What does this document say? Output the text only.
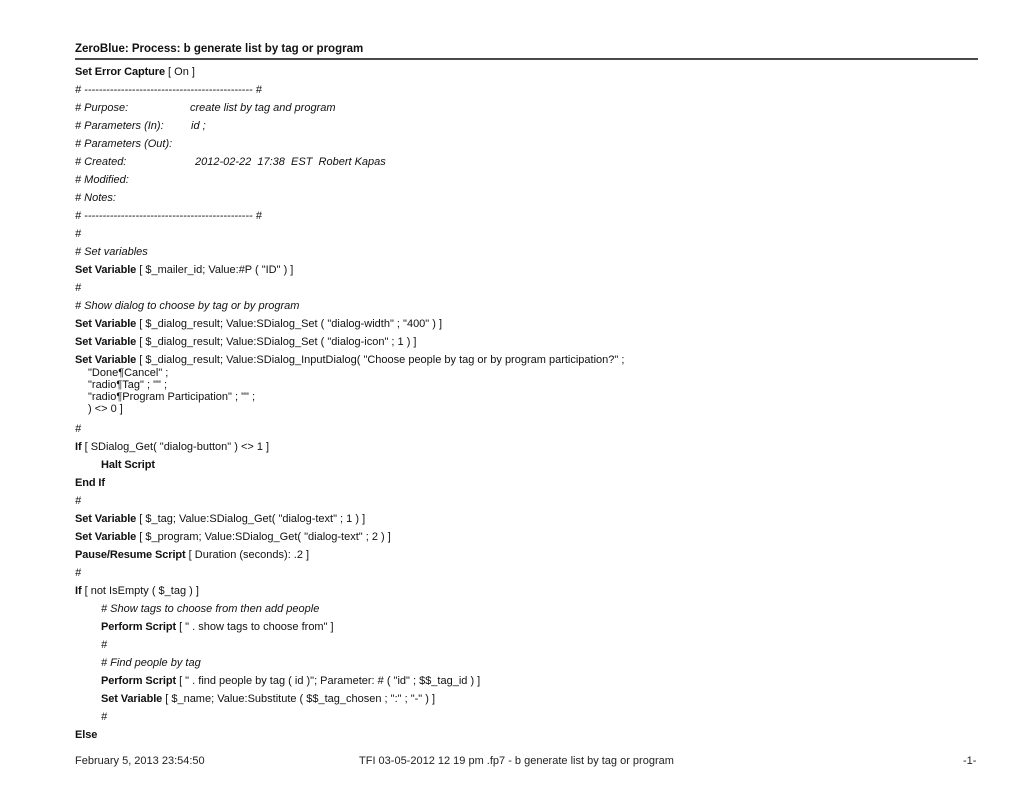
ZeroBlue: Process: b generate list by tag or program
Set Error Capture [ On ]
# ---------------------------------------------- #
# Purpose:	create list by tag and program
# Parameters (In): id ;
# Parameters (Out):
# Created:	2012-02-22  17:38  EST  Robert Kapas
# Modified:
# Notes:
# ---------------------------------------------- #
#
# Set variables
Set Variable [ $_mailer_id; Value:#P ( "ID" ) ]
#
# Show dialog to choose by tag or by program
Set Variable [ $_dialog_result; Value:SDialog_Set ( "dialog-width" ; "400" ) ]
Set Variable [ $_dialog_result; Value:SDialog_Set ( "dialog-icon" ; 1 ) ]
Set Variable [ $_dialog_result; Value:SDialog_InputDialog( "Choose people by tag or by program participation?" ;
"Done¶Cancel" ;
"radio¶Tag" ; "" ;
"radio¶Program Participation" ; "" ;
) <> 0 ]
#
If [ SDialog_Get( "dialog-button" ) <> 1 ]
Halt Script
End If
#
Set Variable [ $_tag; Value:SDialog_Get( "dialog-text" ; 1 ) ]
Set Variable [ $_program; Value:SDialog_Get( "dialog-text" ; 2 ) ]
Pause/Resume Script [ Duration (seconds): .2 ]
#
If [ not IsEmpty ( $_tag ) ]
# Show tags to choose from then add people
Perform Script [ " . show tags to choose from" ]
#
# Find people by tag
Perform Script [ " . find people by tag ( id )"; Parameter: # ( "id" ; $$_tag_id ) ]
Set Variable [ $_name; Value:Substitute ( $$_tag_chosen ; ":" ; "-" ) ]
#
Else
February 5, 2013 23:54:50	TFI 03-05-2012 12 19 pm .fp7 - b generate list by tag or program	-1-
